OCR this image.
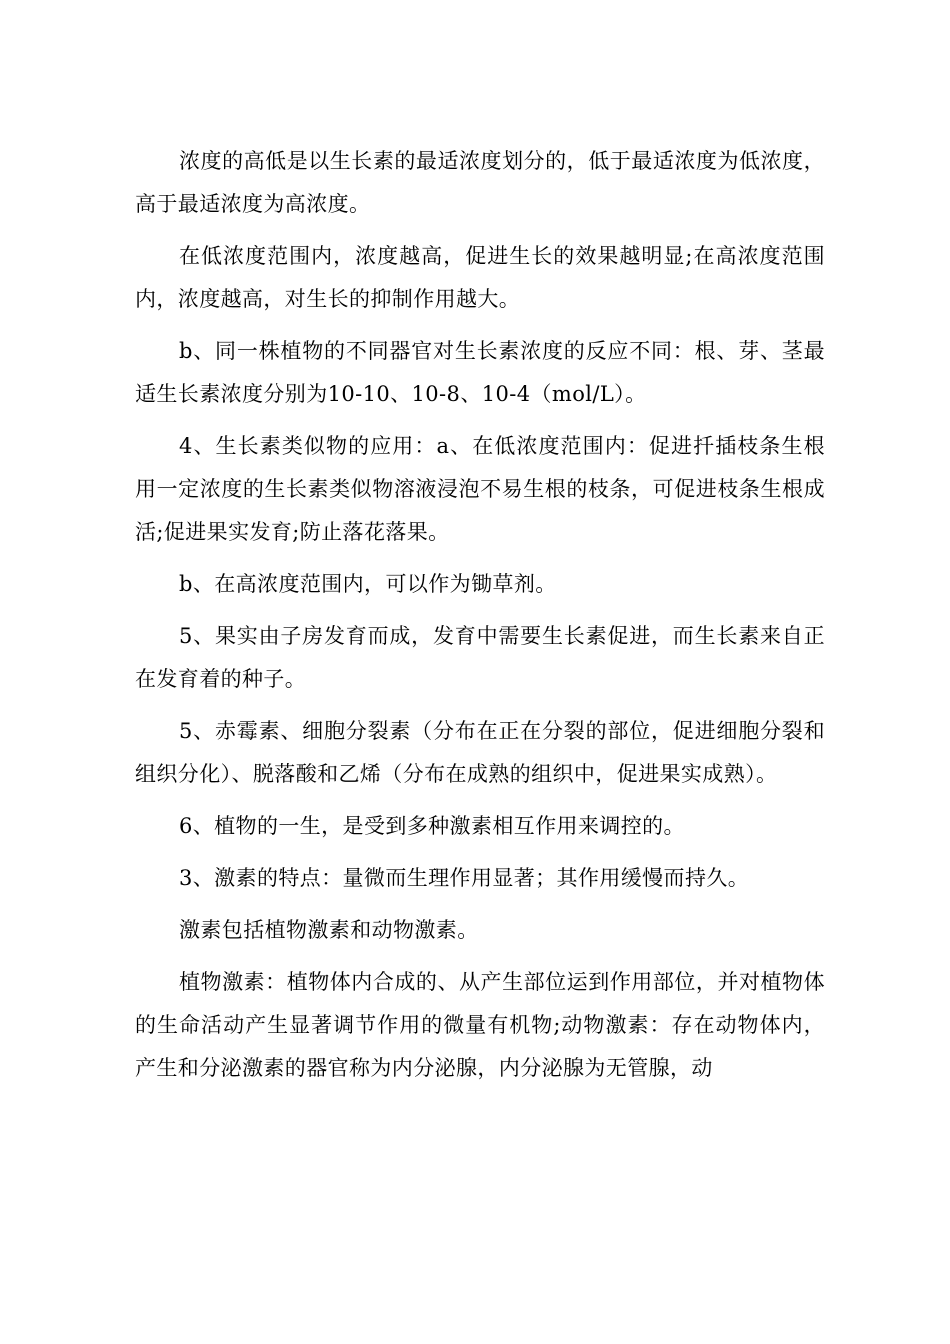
浓度的高低是以生长素的最适浓度划分的，低于最适浓度为低浓度，高于最适浓度为高浓度。

在低浓度范围内，浓度越高，促进生长的效果越明显;在高浓度范围内，浓度越高，对生长的抑制作用越大。

b、同一株植物的不同器官对生长素浓度的反应不同：根、芽、茎最适生长素浓度分别为10-10、10-8、10-4（mol/L）。

4、生长素类似物的应用：a、在低浓度范围内：促进扦插枝条生根用一定浓度的生长素类似物溶液浸泡不易生根的枝条，可促进枝条生根成活;促进果实发育;防止落花落果。

b、在高浓度范围内，可以作为锄草剂。

5、果实由子房发育而成，发育中需要生长素促进，而生长素来自正在发育着的种子。

5、赤霉素、细胞分裂素（分布在正在分裂的部位，促进细胞分裂和组织分化）、脱落酸和乙烯（分布在成熟的组织中，促进果实成熟）。

6、植物的一生，是受到多种激素相互作用来调控的。

3、激素的特点：量微而生理作用显著；其作用缓慢而持久。

激素包括植物激素和动物激素。

植物激素：植物体内合成的、从产生部位运到作用部位，并对植物体的生命活动产生显著调节作用的微量有机物;动物激素：存在动物体内，产生和分泌激素的器官称为内分泌腺，内分泌腺为无管腺，动
